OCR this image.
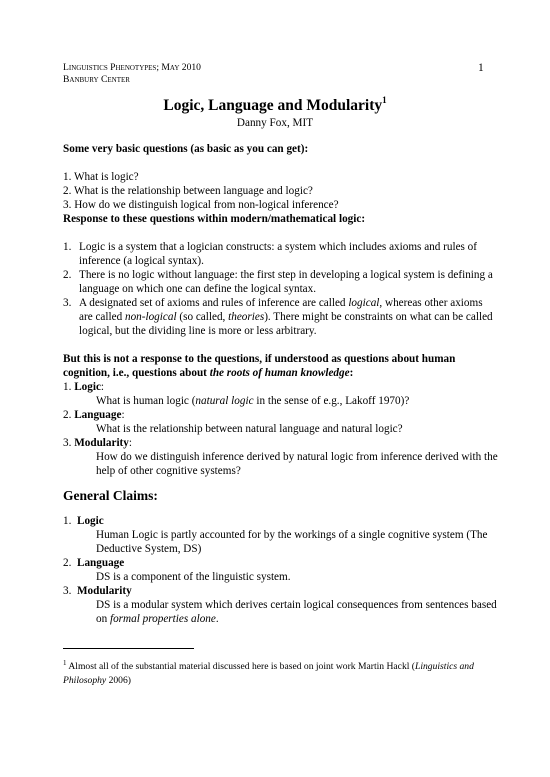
Linguistics Phenotypes; May 2010
Banbury Center
1
Logic, Language and Modularity$^1$
Danny Fox, MIT
Some very basic questions (as basic as you can get):
1. What is logic?
2. What is the relationship between language and logic?
3. How do we distinguish logical from non-logical inference?
Response to these questions within modern/mathematical logic:
1. Logic is a system that a logician constructs: a system which includes axioms and rules of
inference (a logical syntax).
2. There is no logic without language: the first step in developing a logical system is defining a
language on which one can define the logical syntax.
3. A designated set of axioms and rules of inference are called logical, whereas other axioms
are called non-logical (so called, theories). There might be constraints on what can be called
logical, but the dividing line is more or less arbitrary.
But this is not a response to the questions, if understood as questions about human
cognition, i.e., questions about the roots of human knowledge:
1. Logic:
What is human logic (natural logic in the sense of e.g., Lakoff 1970)?
2. Language:
What is the relationship between natural language and natural logic?
3. Modularity:
How do we distinguish inference derived by natural logic from inference derived with the
help of other cognitive systems?
General Claims:
1. Logic
Human Logic is partly accounted for by the workings of a single cognitive system (The
Deductive System, DS)
2. Language
DS is a component of the linguistic system.
3. Modularity
DS is a modular system which derives certain logical consequences from sentences based
on formal properties alone.
$^1$ Almost all of the substantial material discussed here is based on joint work Martin Hackl (Linguistics and Philosophy 2006)
